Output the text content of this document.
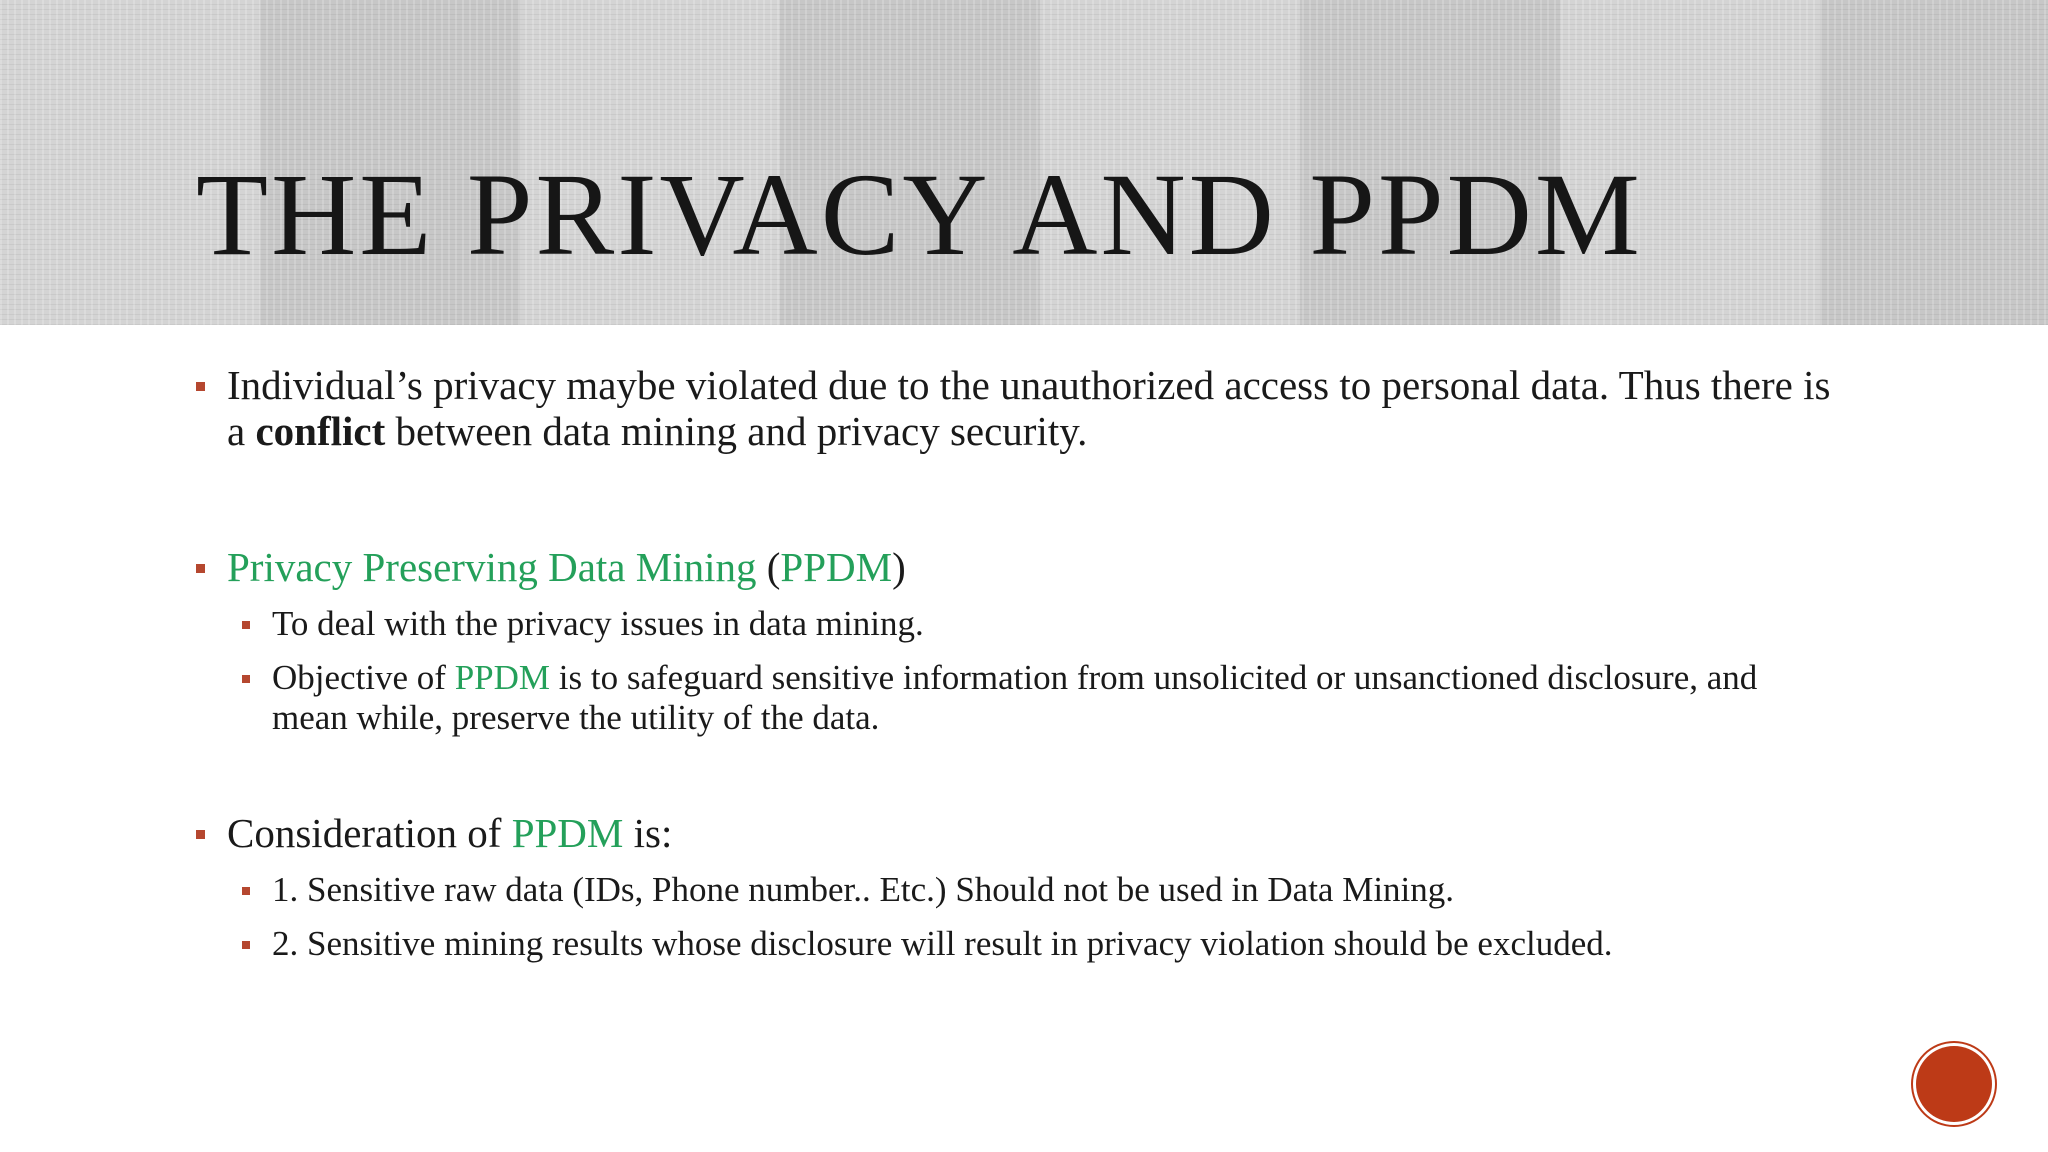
THE PRIVACY AND PPDM
Individual’s privacy maybe violated due to the unauthorized access to personal data. Thus there is a conflict between data mining and privacy security.
Privacy Preserving Data Mining (PPDM)
To deal with the privacy issues in data mining.
Objective of PPDM is to safeguard sensitive information from unsolicited or unsanctioned disclosure, and mean while, preserve the utility of the data.
Consideration of PPDM is:
1. Sensitive raw data (IDs, Phone number.. Etc.) Should not be used in Data Mining.
2. Sensitive mining results whose disclosure will result in privacy violation should be excluded.
